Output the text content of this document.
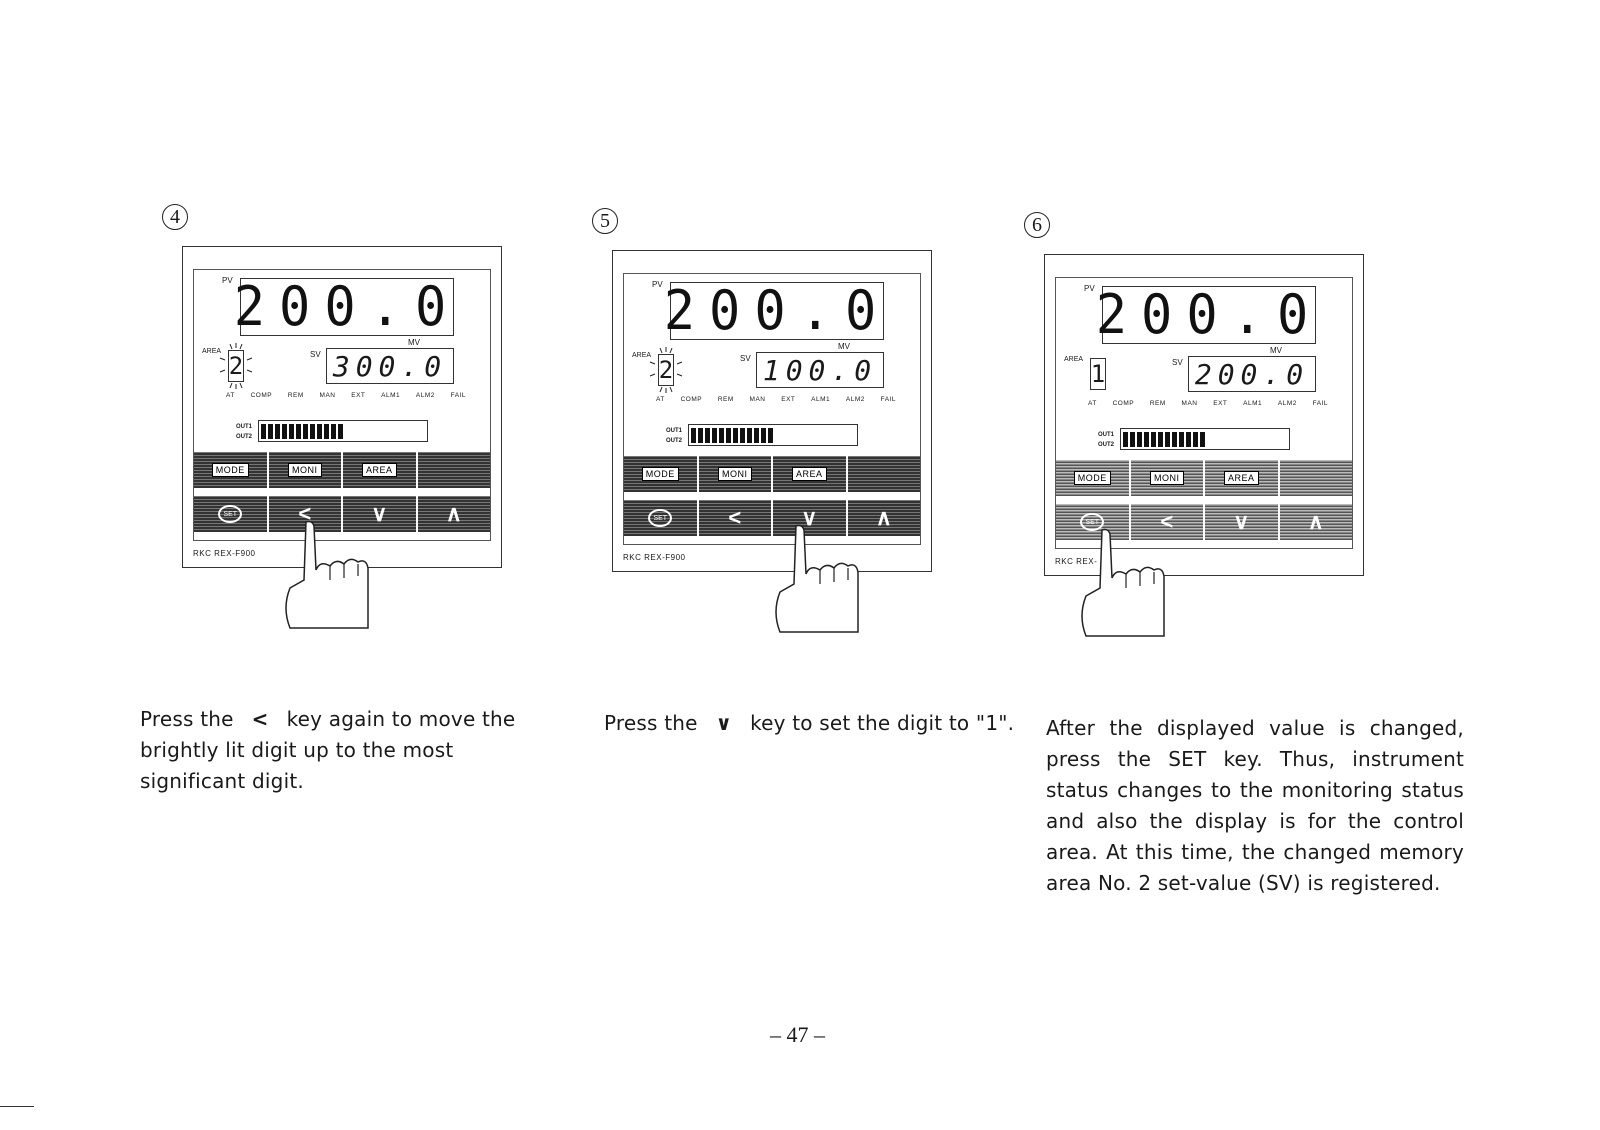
4
PV 200.0
MV
AREA
2	SV 300.0
AT COMP REM MAN EXT ALM1 ALM2 FAIL
OUT1
OUT2
MODE	MONI	AREA
SET	<	∨	∧
RKC REX-F900
5
PV 200.0
MV
AREA
2	SV 100.0
AT COMP REM MAN EXT ALM1 ALM2 FAIL
OUT1
OUT2
MODE	MONI	AREA
SET	<	∨	∧
RKC REX-F900
6
PV 200.0
MV
AREA
1	SV 200.0
AT COMP REM MAN EXT ALM1 ALM2 FAIL
OUT1
OUT2
MODE	MONI	AREA
SET	<	∨	∧
RKC REX-
Press the < key again to move the brightly lit digit up to the most significant digit.
Press the ∨ key to set the digit to "1".	After the displayed value is changed, press the SET key. Thus, instrument status changes to the monitoring status and also the display is for the control area. At this time, the changed memory area No. 2 set-value (SV) is registered.
– 47 –
